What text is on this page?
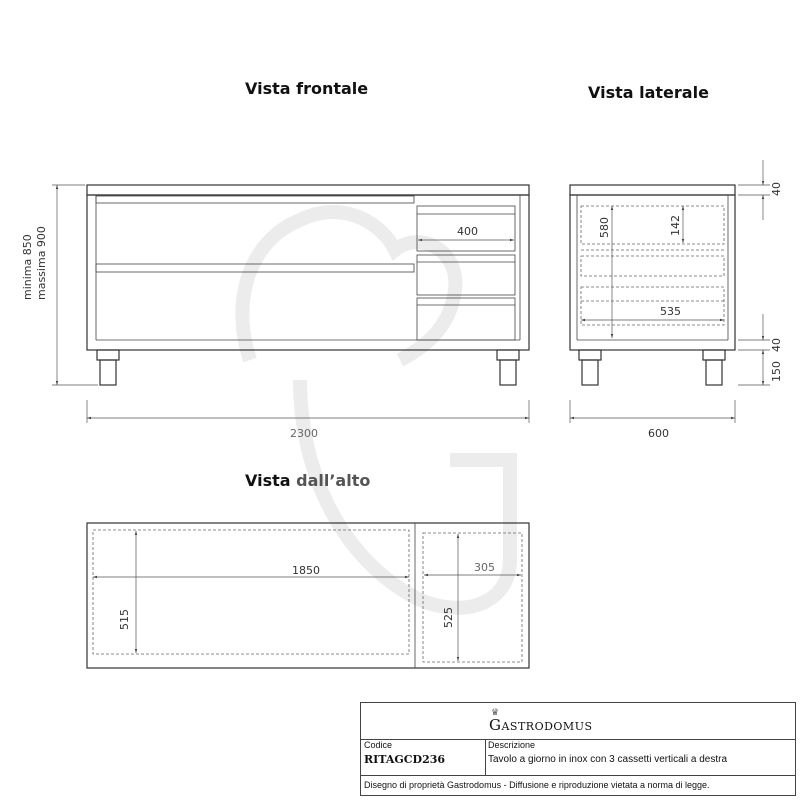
Vista frontale	Vista laterale
Vista dall’alto
minima 850 massima 900
2300
400	580	142
535
40
40
150
600
1850
515
305
525
♛
Gastrodomus
Codice
RITAGCD236
Descrizione
Tavolo a giorno in inox con 3 cassetti verticali a destra
Disegno di proprietà Gastrodomus - Diffusione e riproduzione vietata a norma di legge.
